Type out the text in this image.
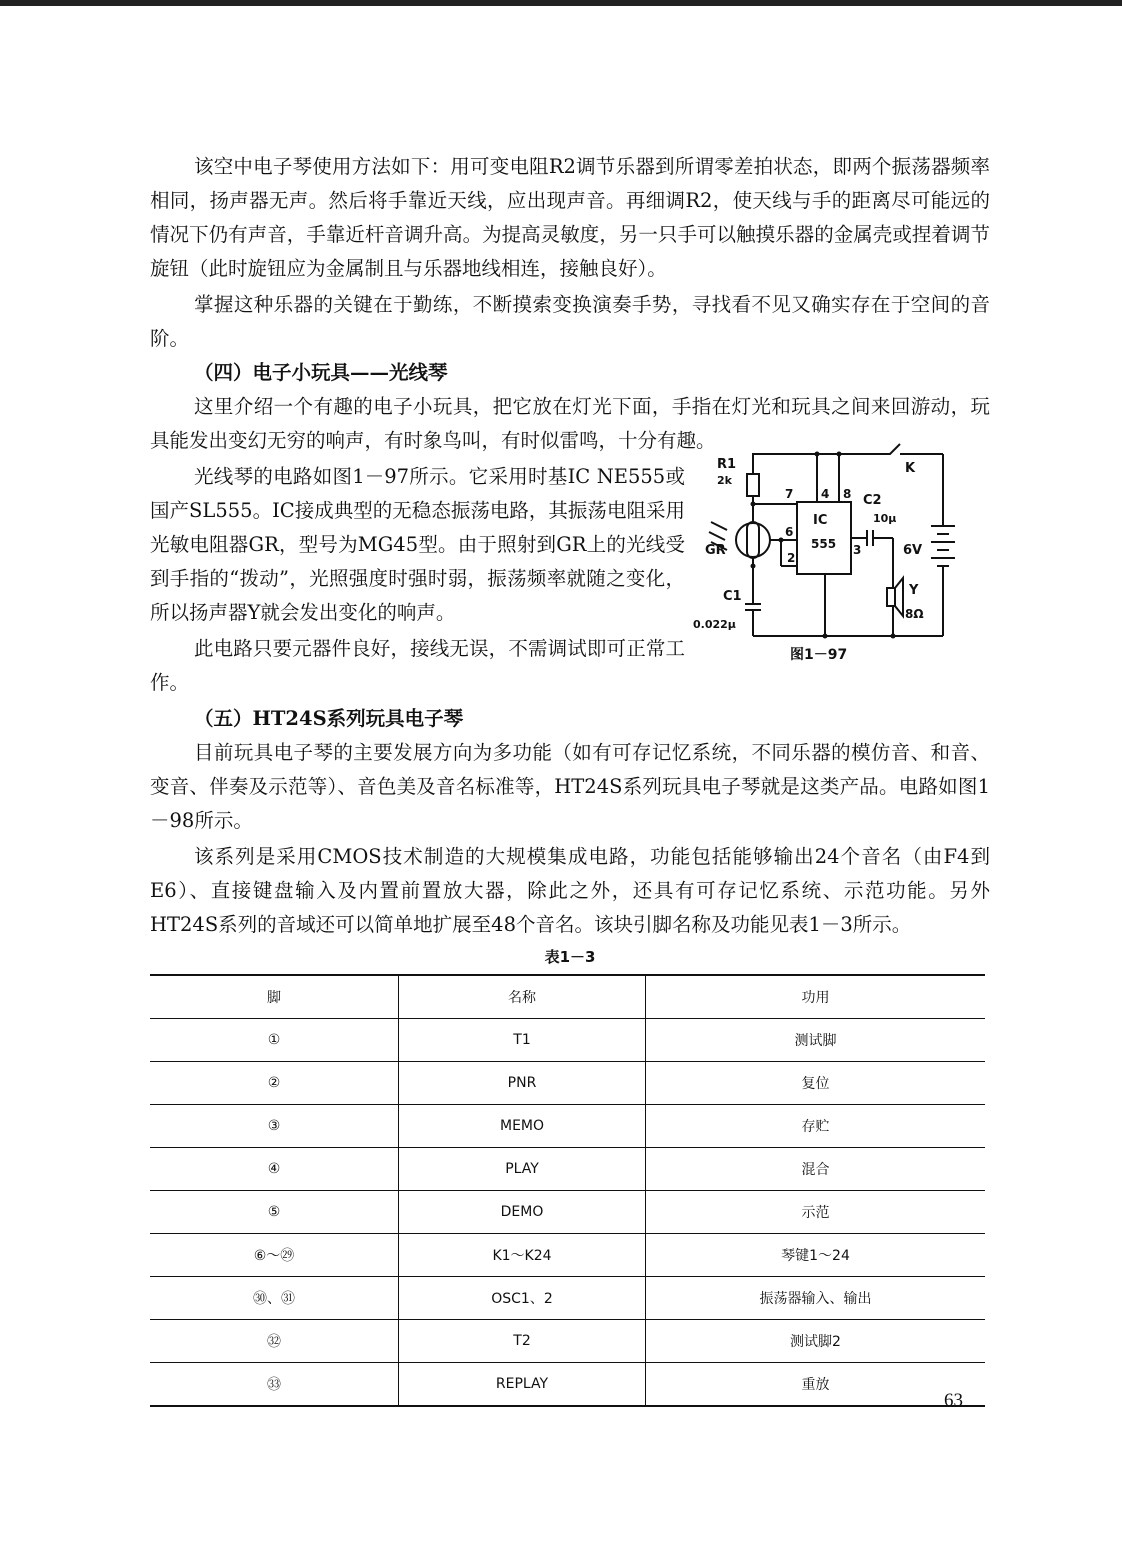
该空中电子琴使用方法如下：用可变电阻R2调节乐器到所谓零差拍状态，即两个振荡器频率相同，扬声器无声。然后将手靠近天线，应出现声音。再细调R2，使天线与手的距离尽可能远的情况下仍有声音，手靠近杆音调升高。为提高灵敏度，另一只手可以触摸乐器的金属壳或捏着调节旋钮（此时旋钮应为金属制且与乐器地线相连，接触良好）。

掌握这种乐器的关键在于勤练，不断摸索变换演奏手势，寻找看不见又确实存在于空间的音阶。

（四）电子小玩具——光线琴

这里介绍一个有趣的电子小玩具，把它放在灯光下面，手指在灯光和玩具之间来回游动，玩具能发出变幻无穷的响声，有时象鸟叫，有时似雷鸣，十分有趣。

光线琴的电路如图1－97所示。它采用时基IC NE555或国产SL555。IC接成典型的无稳态振荡电路，其振荡电阻采用光敏电阻器GR，型号为MG45型。由于照射到GR上的光线受到手指的“拨动”，光照强度时强时弱，振荡频率就随之变化，所以扬声器Y就会发出变化的响声。

此电路只要元器件良好，接线无误，不需调试即可正常工作。

（五）HT24S系列玩具电子琴

目前玩具电子琴的主要发展方向为多功能（如有可存记忆系统，不同乐器的模仿音、和音、变音、伴奏及示范等）、音色美及音名标准等，HT24S系列玩具电子琴就是这类产品。电路如图1－98所示。

该系列是采用CMOS技术制造的大规模集成电路，功能包括能够输出24个音名（由F4到E6）、直接键盘输入及内置前置放大器，除此之外，还具有可存记忆系统、示范功能。另外HT24S系列的音域还可以简单地扩展至48个音名。该块引脚名称及功能见表1－3所示。

表1－3
脚	名称	功用
①	T1	测试脚
②	PNR	复位
③	MEMO	存贮
④	PLAY	混合
⑤	DEMO	示范
⑥～㉙	K1～K24	琴键1～24
㉚、㉛	OSC1、2	振荡器输入、输出
㉜	T2	测试脚2
㉝	REPLAY	重放
R1
2k
K
IC
555
C2
10μ
6V
GR
C1
0.022μ
Y
8Ω
7 4 8
6
2
3
图1－97
63
